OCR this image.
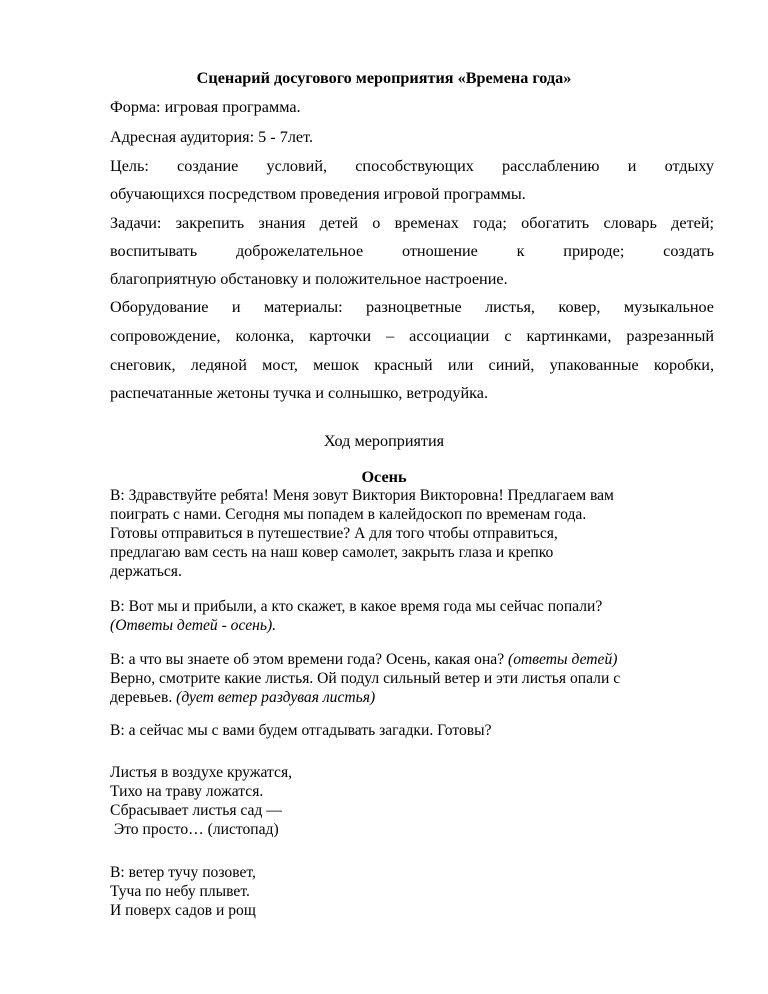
Сценарий досугового мероприятия «Времена года»
Форма: игровая программа.
Адресная аудитория: 5 - 7лет.
Цель: создание условий, способствующих расслаблению и отдыху
обучающихся посредством проведения игровой программы.
Задачи: закрепить знания детей о временах года; обогатить словарь детей;
воспитывать доброжелательное отношение к природе; создать
благоприятную обстановку и положительное настроение.
Оборудование и материалы: разноцветные листья, ковер, музыкальное
сопровождение, колонка, карточки – ассоциации с картинками, разрезанный
снеговик, ледяной мост, мешок красный или синий, упакованные коробки,
распечатанные жетоны тучка и солнышко, ветродуйка.
Ход мероприятия
Осень
В: Здравствуйте ребята! Меня зовут Виктория Викторовна! Предлагаем вам
поиграть с нами. Сегодня мы попадем в калейдоскоп по временам года.
Готовы отправиться в путешествие? А для того чтобы отправиться,
предлагаю вам сесть на наш ковер самолет, закрыть глаза и крепко
держаться.
В: Вот мы и прибыли, а кто скажет, в какое время года мы сейчас попали?
(Ответы детей - осень).
В: а что вы знаете об этом времени года? Осень, какая она? (ответы детей)
Верно, смотрите какие листья. Ой подул сильный ветер и эти листья опали с
деревьев. (дует ветер раздувая листья)
В: а сейчас мы с вами будем отгадывать загадки. Готовы?
Листья в воздухе кружатся,
Тихо на траву ложатся.
Сбрасывает листья сад —
Это просто… (листопад)
В: ветер тучу позовет,
Туча по небу плывет.
И поверх садов и рощ
